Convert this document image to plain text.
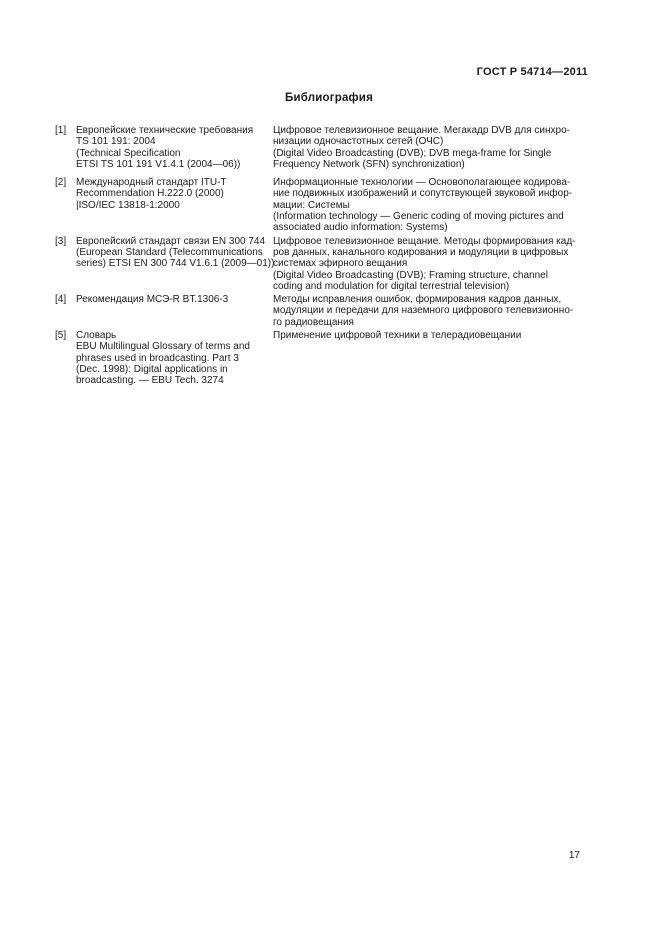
ГОСТ Р 54714—2011
Библиография
[1] Европейские технические требования
TS 101 191: 2004
(Technical Specification
ETSI TS 101 191 V1.4.1 (2004—06))
Цифровое телевизионное вещание. Мегакадр DVB для синхро-
низации одночастотных сетей (ОЧС)
(Digital Video Broadcasting (DVB); DVB mega-frame for Single
Frequency Network (SFN) synchronization)
[2] Международный стандарт ITU-T
Recommendation H.222.0 (2000)
|ISO/IEC 13818-1:2000
Информационные технологии — Основополагающее кодирова-
ние подвижных изображений и сопутствующей звуковой инфор-
мации: Системы
(Information technology — Generic coding of moving pictures and
associated audio information: Systems)
[3] Европейский стандарт связи EN 300 744
(European Standard (Telecommunications
series) ETSI EN 300 744 V1.6.1 (2009—01))
Цифровое телевизионное вещание. Методы формирования кад-
ров данных, канального кодирования и модуляции в цифровых
системах эфирного вещания
(Digital Video Broadcasting (DVB); Framing structure, channel
coding and modulation for digital terrestrial television)
[4] Рекомендация МСЭ-R BT.1306-3	Методы исправления ошибок, формирования кадров данных,
модуляции и передачи для наземного цифрового телевизионно-
го радиовещания
[5] Словарь
EBU Multilingual Glossary of terms and
phrases used in broadcasting. Part 3
(Dec. 1998): Digital applications in
broadcasting. — EBU Tech. 3274
Применение цифровой техники в телерадиовещании
17
